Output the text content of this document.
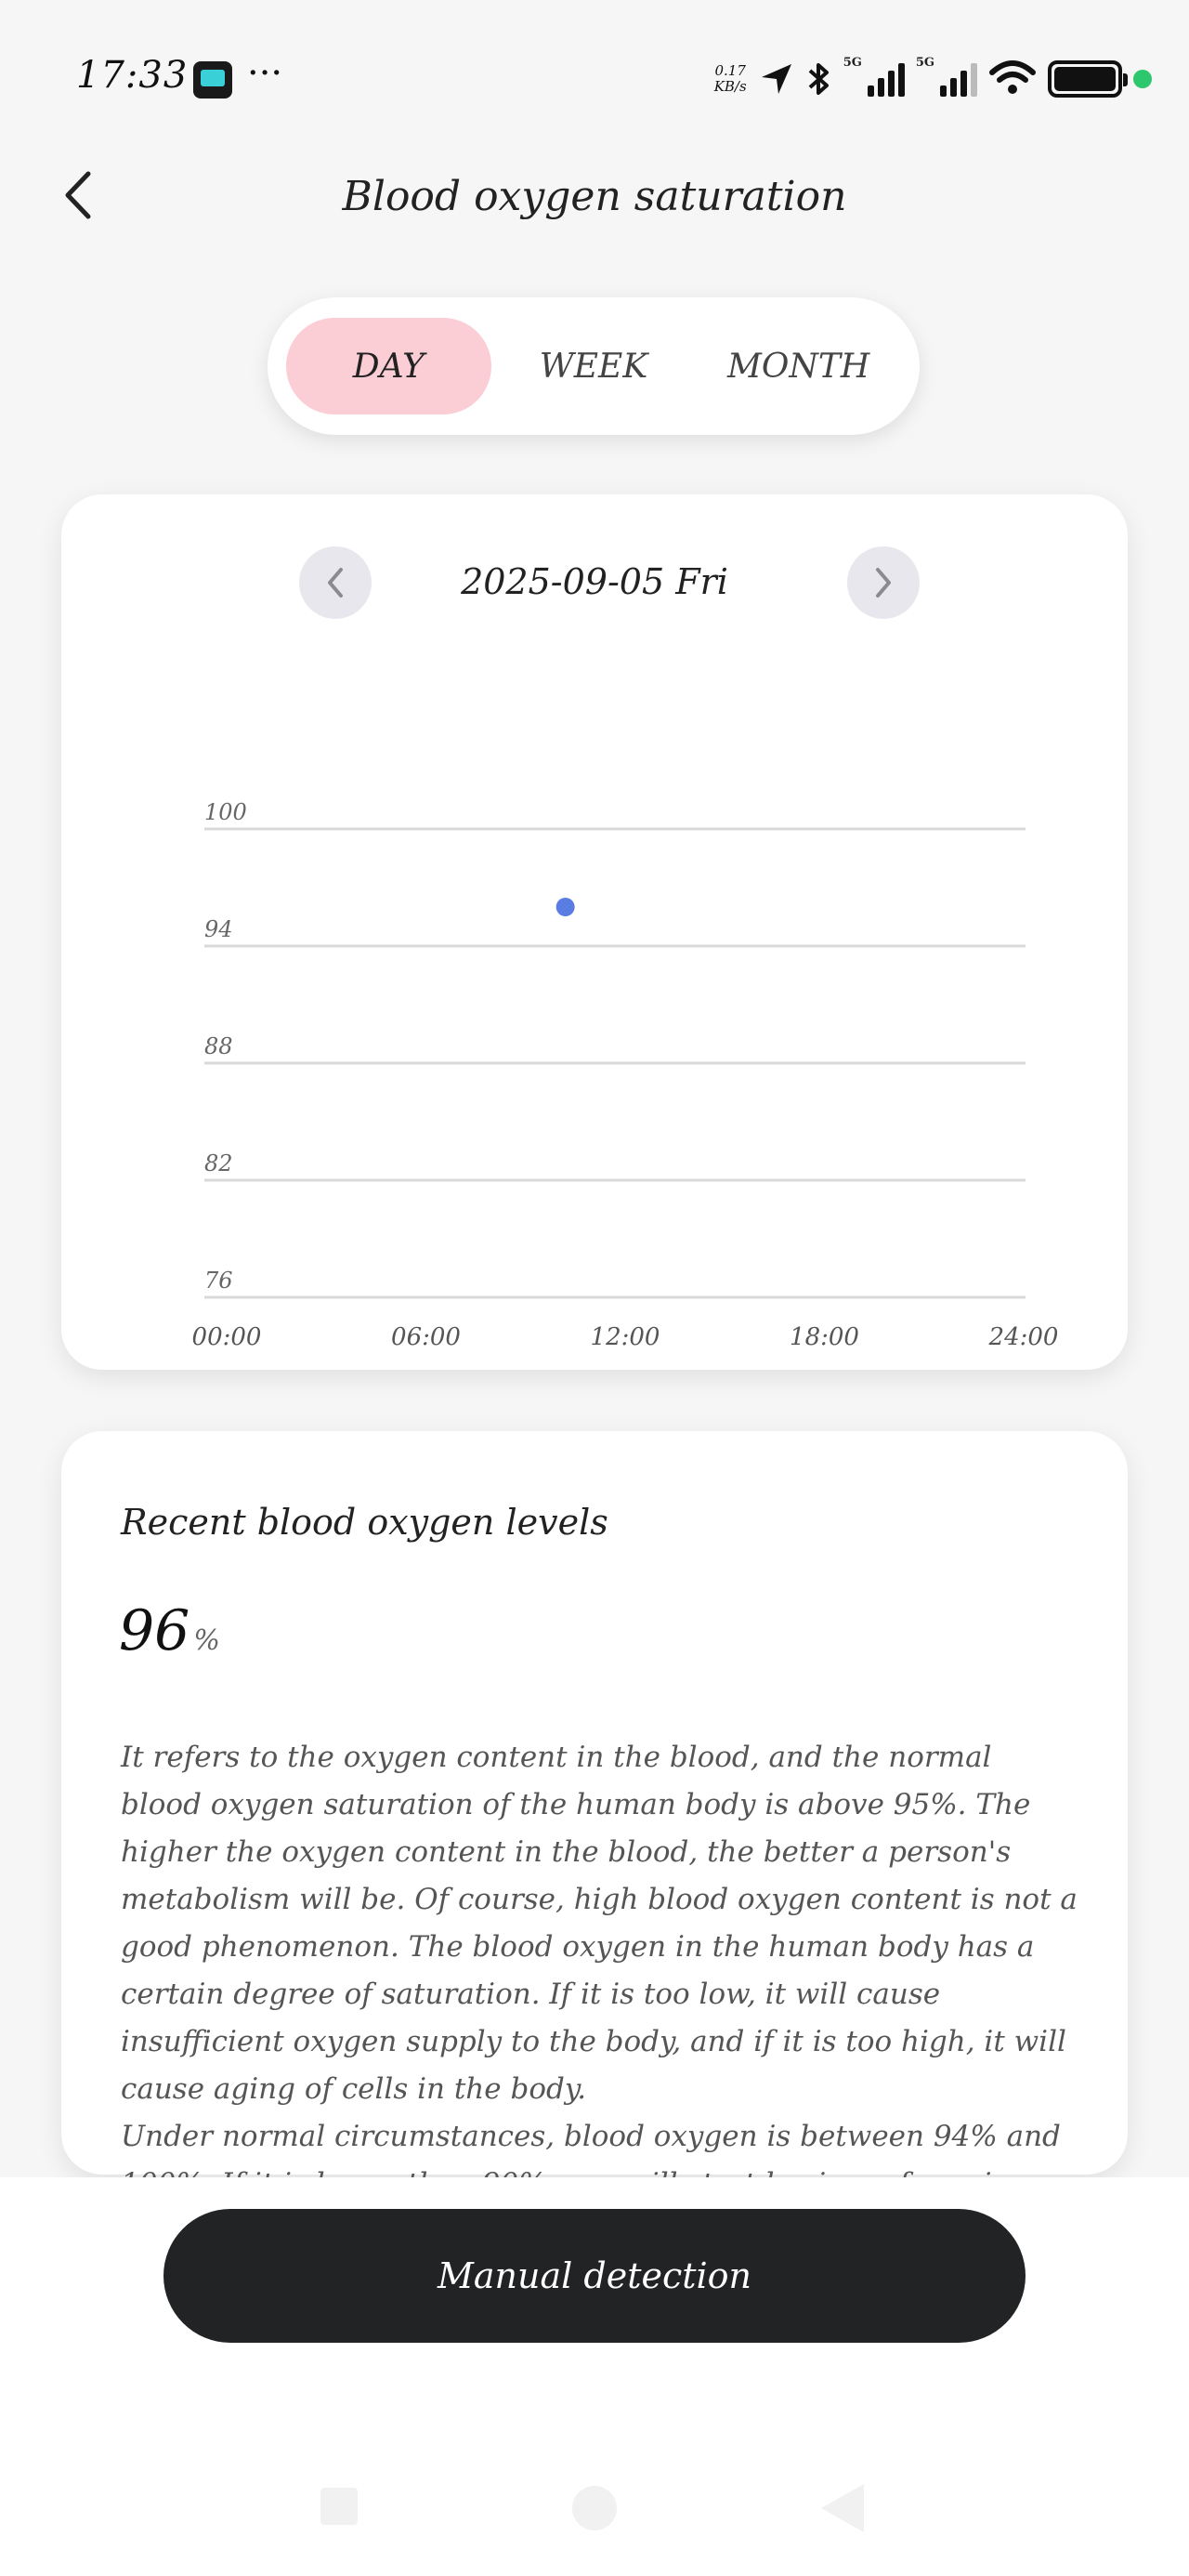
17:33 ···	0.17
KB/s
5G	5G
Blood oxygen saturation
DAY	WEEK	MONTH
100
94
88
82
76
00:00	06:00	12:00	18:00	24:00
2025-09-05 Fri
Recent blood oxygen levels
96 %
It refers to the oxygen content in the blood, and the normal blood oxygen saturation of the human body is above 95%. The higher the oxygen content in the blood, the better a person's metabolism will be. Of course, high blood oxygen content is not a good phenomenon. The blood oxygen in the human body has a certain degree of saturation. If it is too low, it will cause insufficient oxygen supply to the body, and if it is too high, it will cause aging of cells in the body.
Under normal circumstances, blood oxygen is between 94% and
Manual detection
